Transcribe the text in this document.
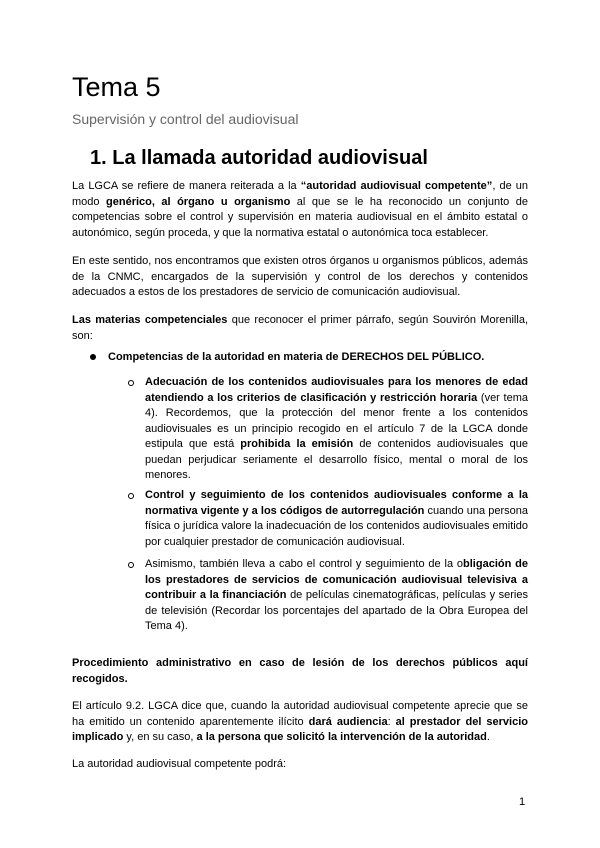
Tema 5

Supervisión y control del audiovisual

1. La llamada autoridad audiovisual

La LGCA se refiere de manera reiterada a la “autoridad audiovisual competente”, de un modo genérico, al órgano u organismo al que se le ha reconocido un conjunto de competencias sobre el control y supervisión en materia audiovisual en el ámbito estatal o autonómico, según proceda, y que la normativa estatal o autonómica toca establecer.

En este sentido, nos encontramos que existen otros órganos u organismos públicos, además de la CNMC, encargados de la supervisión y control de los derechos y contenidos adecuados a estos de los prestadores de servicio de comunicación audiovisual.

Las materias competenciales que reconocer el primer párrafo, según Souvirón Morenilla, son:

Competencias de la autoridad en materia de DERECHOS DEL PÚBLICO.
Adecuación de los contenidos audiovisuales para los menores de edad atendiendo a los criterios de clasificación y restricción horaria (ver tema 4). Recordemos, que la protección del menor frente a los contenidos audiovisuales es un principio recogido en el artículo 7 de la LGCA donde estipula que está prohibida la emisión de contenidos audiovisuales que puedan perjudicar seriamente el desarrollo físico, mental o moral de los menores.
Control y seguimiento de los contenidos audiovisuales conforme a la normativa vigente y a los códigos de autorregulación cuando una persona física o jurídica valore la inadecuación de los contenidos audiovisuales emitido por cualquier prestador de comunicación audiovisual.
Asimismo, también lleva a cabo el control y seguimiento de la obligación de los prestadores de servicios de comunicación audiovisual televisiva a contribuir a la financiación de películas cinematográficas, películas y series de televisión (Recordar los porcentajes del apartado de la Obra Europea del Tema 4).

Procedimiento administrativo en caso de lesión de los derechos públicos aquí recogidos.

El artículo 9.2. LGCA dice que, cuando la autoridad audiovisual competente aprecie que se ha emitido un contenido aparentemente ilícito dará audiencia: al prestador del servicio implicado y, en su caso, a la persona que solicitó la intervención de la autoridad.

La autoridad audiovisual competente podrá:

1
